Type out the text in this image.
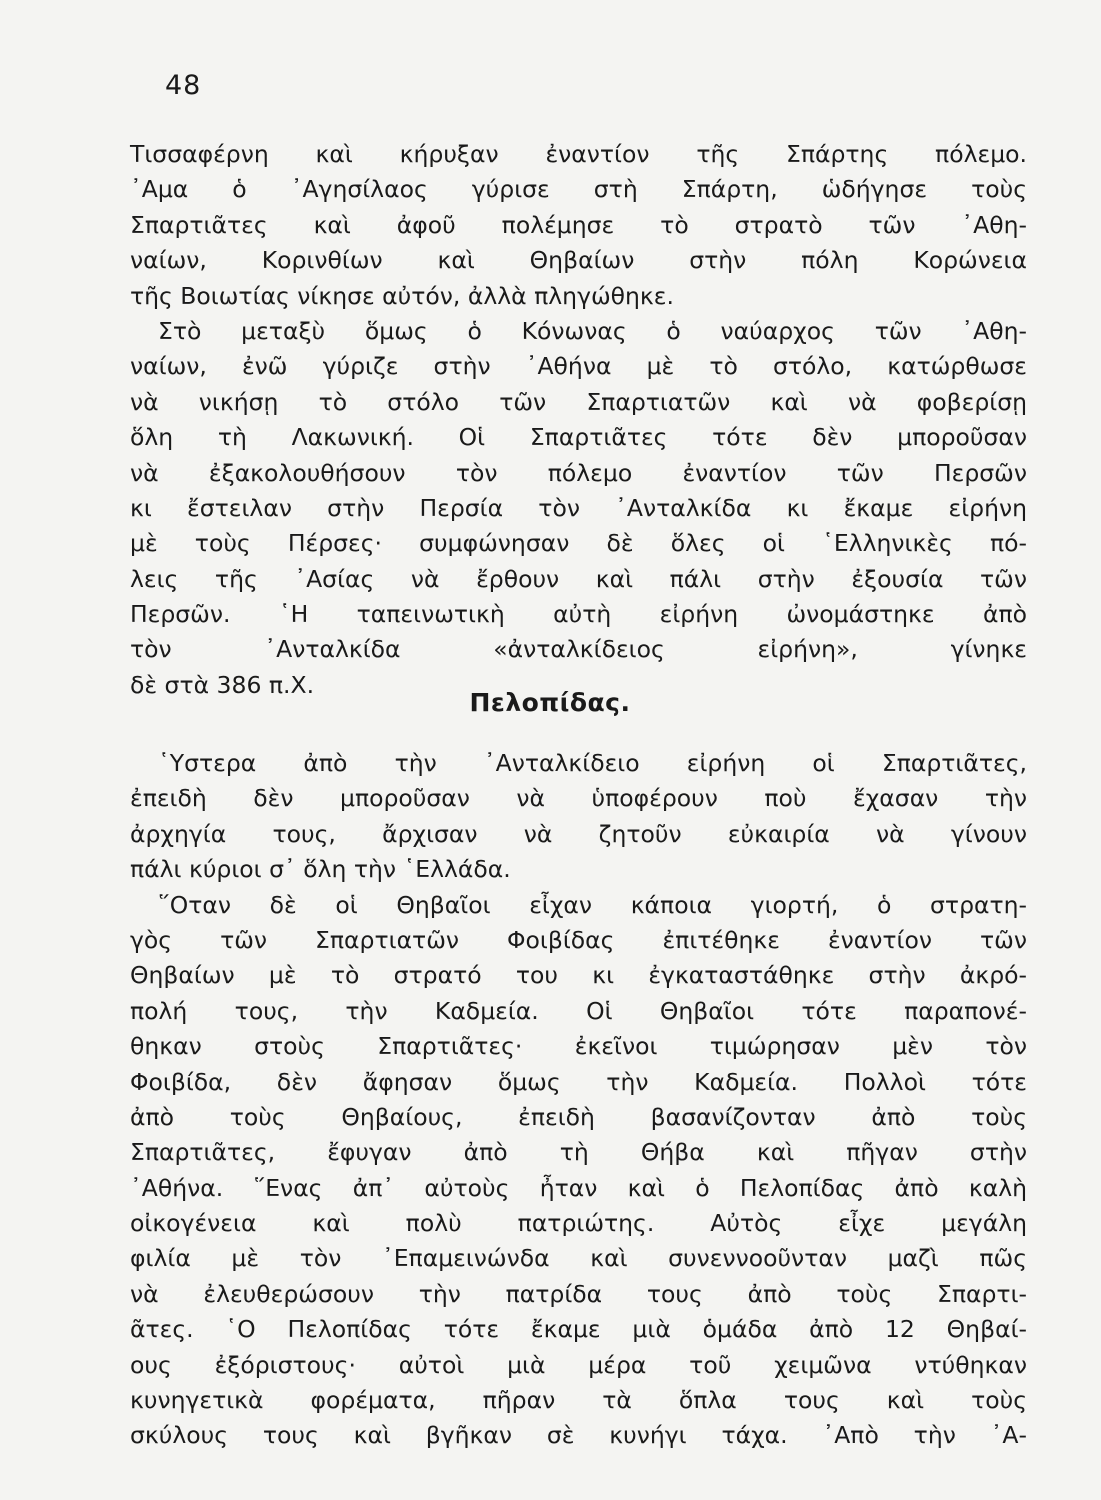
48
Τισσαφέρνη καὶ κήρυξαν ἐναντίον τῆς Σπάρτης πόλεμο.
᾿Αμα ὁ ᾿Αγησίλαος γύρισε στὴ Σπάρτη, ὡδήγησε τοὺς
Σπαρτιᾶτες καὶ ἀφοῦ πολέμησε τὸ στρατὸ τῶν ᾿Αθη-
ναίων, Κορινθίων καὶ Θηβαίων στὴν πόλη Κορώνεια
τῆς Βοιωτίας νίκησε αὐτόν, ἀλλὰ πληγώθηκε.
Στὸ μεταξὺ ὅμως ὁ Κόνωνας ὁ ναύαρχος τῶν ᾿Αθη-
ναίων, ἐνῶ γύριζε στὴν ᾿Αθήνα μὲ τὸ στόλο, κατώρθωσε
νὰ νικήσῃ τὸ στόλο τῶν Σπαρτιατῶν καὶ νὰ φοβερίσῃ
ὅλη τὴ Λακωνική. Οἱ Σπαρτιᾶτες τότε δὲν μποροῦσαν
νὰ ἐξακολουθήσουν τὸν πόλεμο ἐναντίον τῶν Περσῶν
κι ἔστειλαν στὴν Περσία τὸν ᾿Ανταλκίδα κι ἔκαμε εἰρήνη
μὲ τοὺς Πέρσες· συμφώνησαν δὲ ὅλες οἱ ῾Ελληνικὲς πό-
λεις τῆς ᾿Ασίας νὰ ἔρθουν καὶ πάλι στὴν ἐξουσία τῶν
Περσῶν. ῾Η ταπεινωτικὴ αὐτὴ εἰρήνη ὠνομάστηκε ἀπὸ
τὸν ᾿Ανταλκίδα «ἀνταλκίδειος εἰρήνη», γίνηκε
δὲ στὰ 386 π.Χ.
Πελοπίδας.
῾Υστερα ἀπὸ τὴν ᾿Ανταλκίδειο εἰρήνη οἱ Σπαρτιᾶτες,
ἐπειδὴ δὲν μποροῦσαν νὰ ὑποφέρουν ποὺ ἔχασαν τὴν
ἀρχηγία τους, ἄρχισαν νὰ ζητοῦν εὐκαιρία νὰ γίνουν
πάλι κύριοι σ᾿ ὅλη τὴν ῾Ελλάδα.
῞Οταν δὲ οἱ Θηβαῖοι εἶχαν κάποια γιορτή, ὁ στρατη-
γὸς τῶν Σπαρτιατῶν Φοιβίδας ἐπιτέθηκε ἐναντίον τῶν
Θηβαίων μὲ τὸ στρατό του κι ἐγκαταστάθηκε στὴν ἀκρό-
πολή τους, τὴν Καδμεία. Οἱ Θηβαῖοι τότε παραπονέ-
θηκαν στοὺς Σπαρτιᾶτες· ἐκεῖνοι τιμώρησαν μὲν τὸν
Φοιβίδα, δὲν ἄφησαν ὅμως τὴν Καδμεία. Πολλοὶ τότε
ἀπὸ τοὺς Θηβαίους, ἐπειδὴ βασανίζονταν ἀπὸ τοὺς
Σπαρτιᾶτες, ἔφυγαν ἀπὸ τὴ Θήβα καὶ πῆγαν στὴν
᾿Αθήνα. ῞Ενας ἀπ᾿ αὐτοὺς ἦταν καὶ ὁ Πελοπίδας ἀπὸ καλὴ
οἰκογένεια καὶ πολὺ πατριώτης. Αὐτὸς εἶχε μεγάλη
φιλία μὲ τὸν ᾿Επαμεινώνδα καὶ συνεννοοῦνταν μαζὶ πῶς
νὰ ἐλευθερώσουν τὴν πατρίδα τους ἀπὸ τοὺς Σπαρτι-
ᾶτες. ῾Ο Πελοπίδας τότε ἔκαμε μιὰ ὁμάδα ἀπὸ 12 Θηβαί-
ους ἐξόριστους· αὐτοὶ μιὰ μέρα τοῦ χειμῶνα ντύθηκαν
κυνηγετικὰ φορέματα, πῆραν τὰ ὅπλα τους καὶ τοὺς
σκύλους τους καὶ βγῆκαν σὲ κυνήγι τάχα. ᾿Απὸ τὴν ᾿Α-
